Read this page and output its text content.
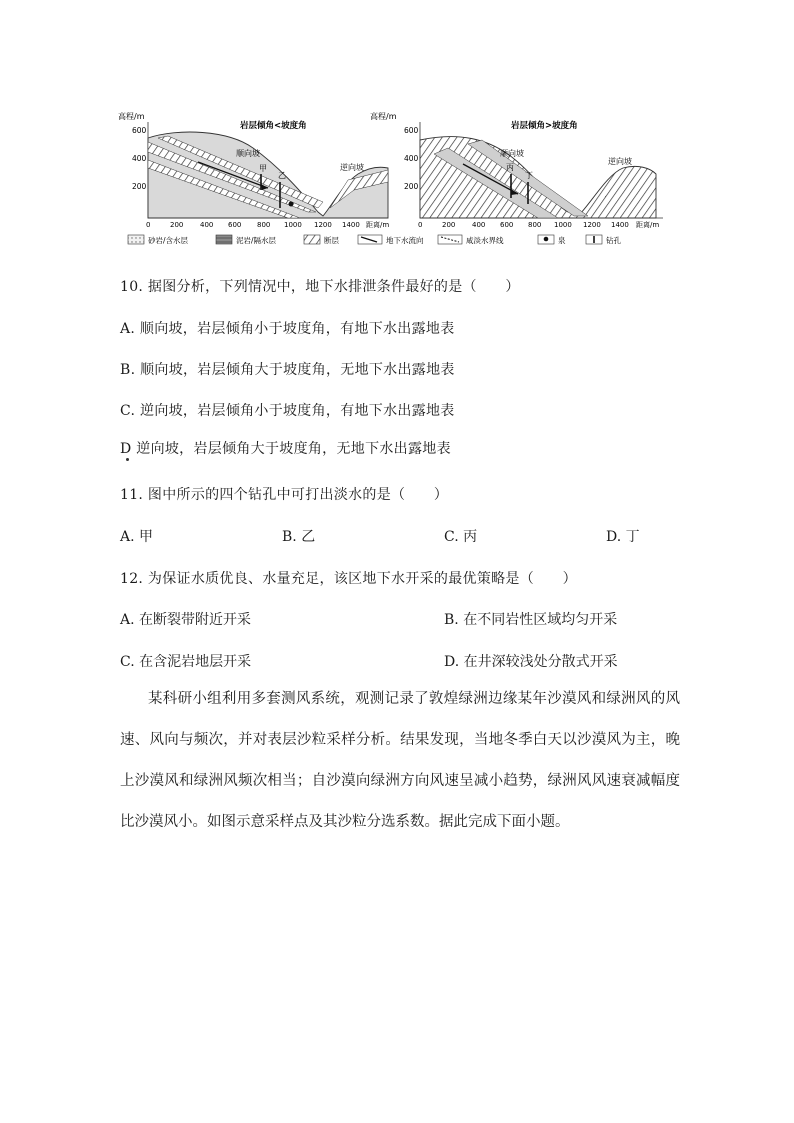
高程/m
岩层倾角<坡度角
600
400
200
顺向坡
逆向坡
甲
乙
0	200 400 600 800 1000 1200 1400 距离/m
高程/m
岩层倾角>坡度角
600
400
200
顺向坡
逆向坡
丙
丁
0	200 400 600 800 1000 1200 1400 距离/m
砂岩/含水层	泥岩/隔水层	断层	地下水流向	咸淡水界线	泉	钻孔
10. 据图分析，下列情况中，地下水排泄条件最好的是（　　）
A. 顺向坡，岩层倾角小于坡度角，有地下水出露地表
B. 顺向坡，岩层倾角大于坡度角，无地下水出露地表
C. 逆向坡，岩层倾角小于坡度角，有地下水出露地表
D 逆向坡，岩层倾角大于坡度角，无地下水出露地表
11. 图中所示的四个钻孔中可打出淡水的是（　　）
A. 甲	B. 乙	C. 丙	D. 丁
12. 为保证水质优良、水量充足，该区地下水开采的最优策略是（　　）
A. 在断裂带附近开采	B. 在不同岩性区域均匀开采
C. 在含泥岩地层开采	D. 在井深较浅处分散式开采

某科研小组利用多套测风系统，观测记录了敦煌绿洲边缘某年沙漠风和绿洲风的风速、风向与频次，并对表层沙粒采样分析。结果发现，当地冬季白天以沙漠风为主，晚上沙漠风和绿洲风频次相当；自沙漠向绿洲方向风速呈减小趋势，绿洲风风速衰减幅度比沙漠风小。如图示意采样点及其沙粒分选系数。据此完成下面小题。
